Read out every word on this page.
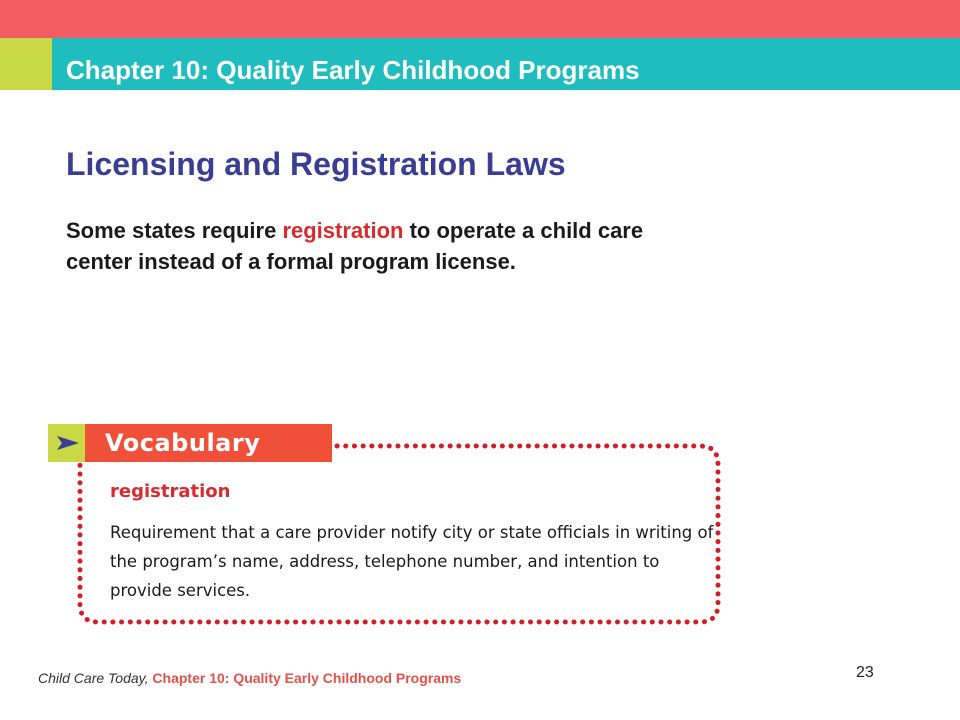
Chapter 10: Quality Early Childhood Programs
Licensing and Registration Laws

Some states require registration to operate a child care center instead of a formal program license.

Vocabulary

registration

Requirement that a care provider notify city or state officials in writing of the program’s name, address, telephone number, and intention to provide services.

Child Care Today, Chapter 10: Quality Early Childhood Programs	23
